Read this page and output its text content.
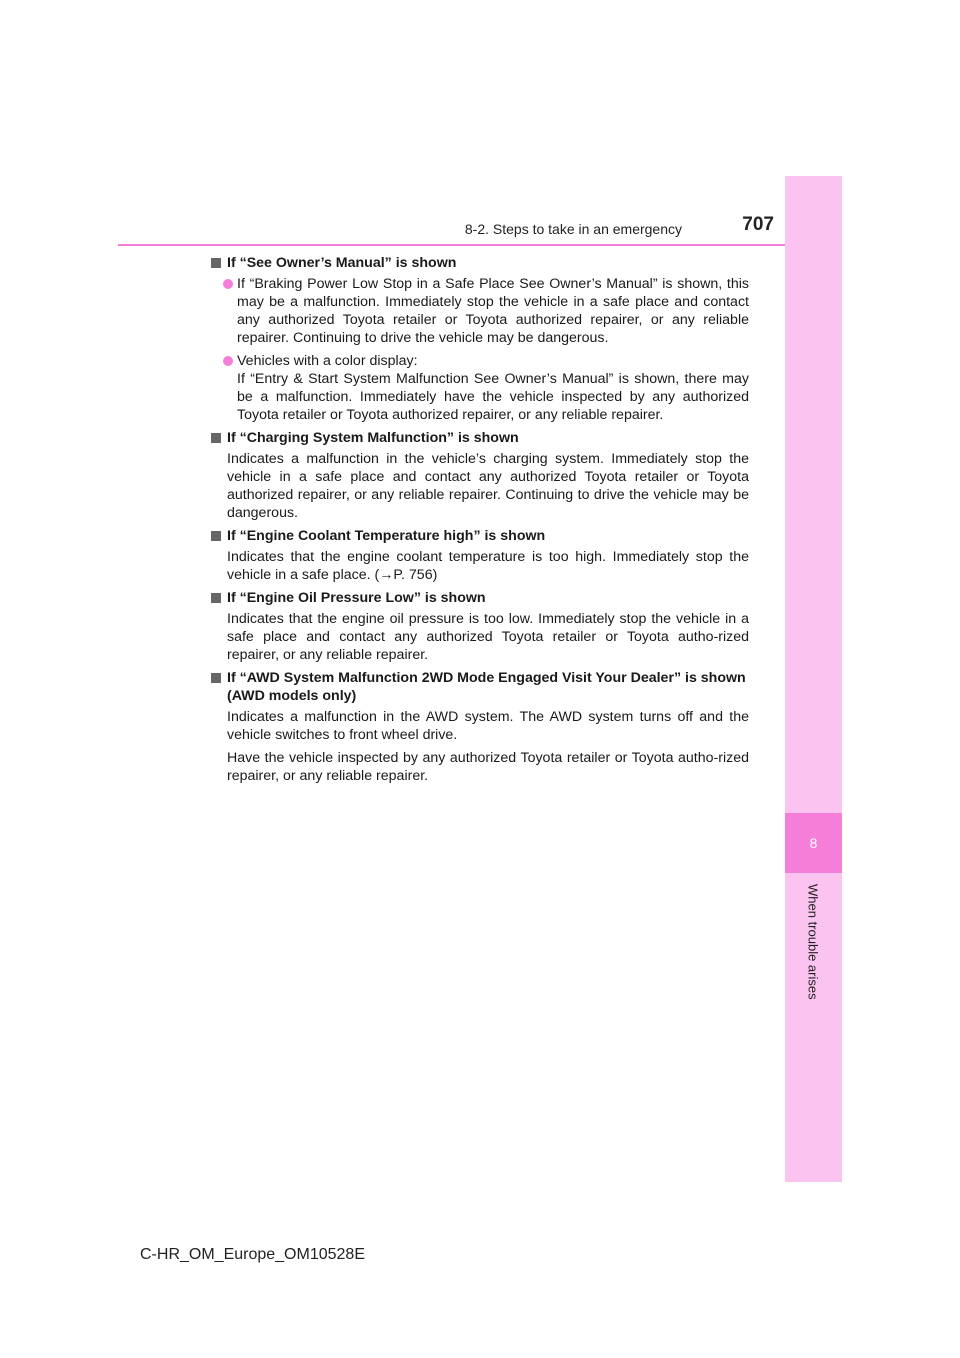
8
When trouble arises
8-2. Steps to take in an emergency	707
If “See Owner’s Manual” is shown
If “Braking Power Low Stop in a Safe Place See Owner’s Manual” is shown, this may be a malfunction. Immediately stop the vehicle in a safe place and contact any authorized Toyota retailer or Toyota authorized repairer, or any reliable repairer. Continuing to drive the vehicle may be dangerous.
Vehicles with a color display:
If “Entry & Start System Malfunction See Owner’s Manual” is shown, there may be a malfunction. Immediately have the vehicle inspected by any authorized Toyota retailer or Toyota authorized repairer, or any reliable repairer.
If “Charging System Malfunction” is shown
Indicates a malfunction in the vehicle’s charging system. Immediately stop the vehicle in a safe place and contact any authorized Toyota retailer or Toyota authorized repairer, or any reliable repairer. Continuing to drive the vehicle may be dangerous.
If “Engine Coolant Temperature high” is shown
Indicates that the engine coolant temperature is too high. Immediately stop the vehicle in a safe place. (→P. 756)
If “Engine Oil Pressure Low” is shown
Indicates that the engine oil pressure is too low. Immediately stop the vehicle in a safe place and contact any authorized Toyota retailer or Toyota autho-rized repairer, or any reliable repairer.
If “AWD System Malfunction 2WD Mode Engaged Visit Your Dealer” is shown (AWD models only)
Indicates a malfunction in the AWD system. The AWD system turns off and the vehicle switches to front wheel drive.
Have the vehicle inspected by any authorized Toyota retailer or Toyota autho-rized repairer, or any reliable repairer.
C-HR_OM_Europe_OM10528E
